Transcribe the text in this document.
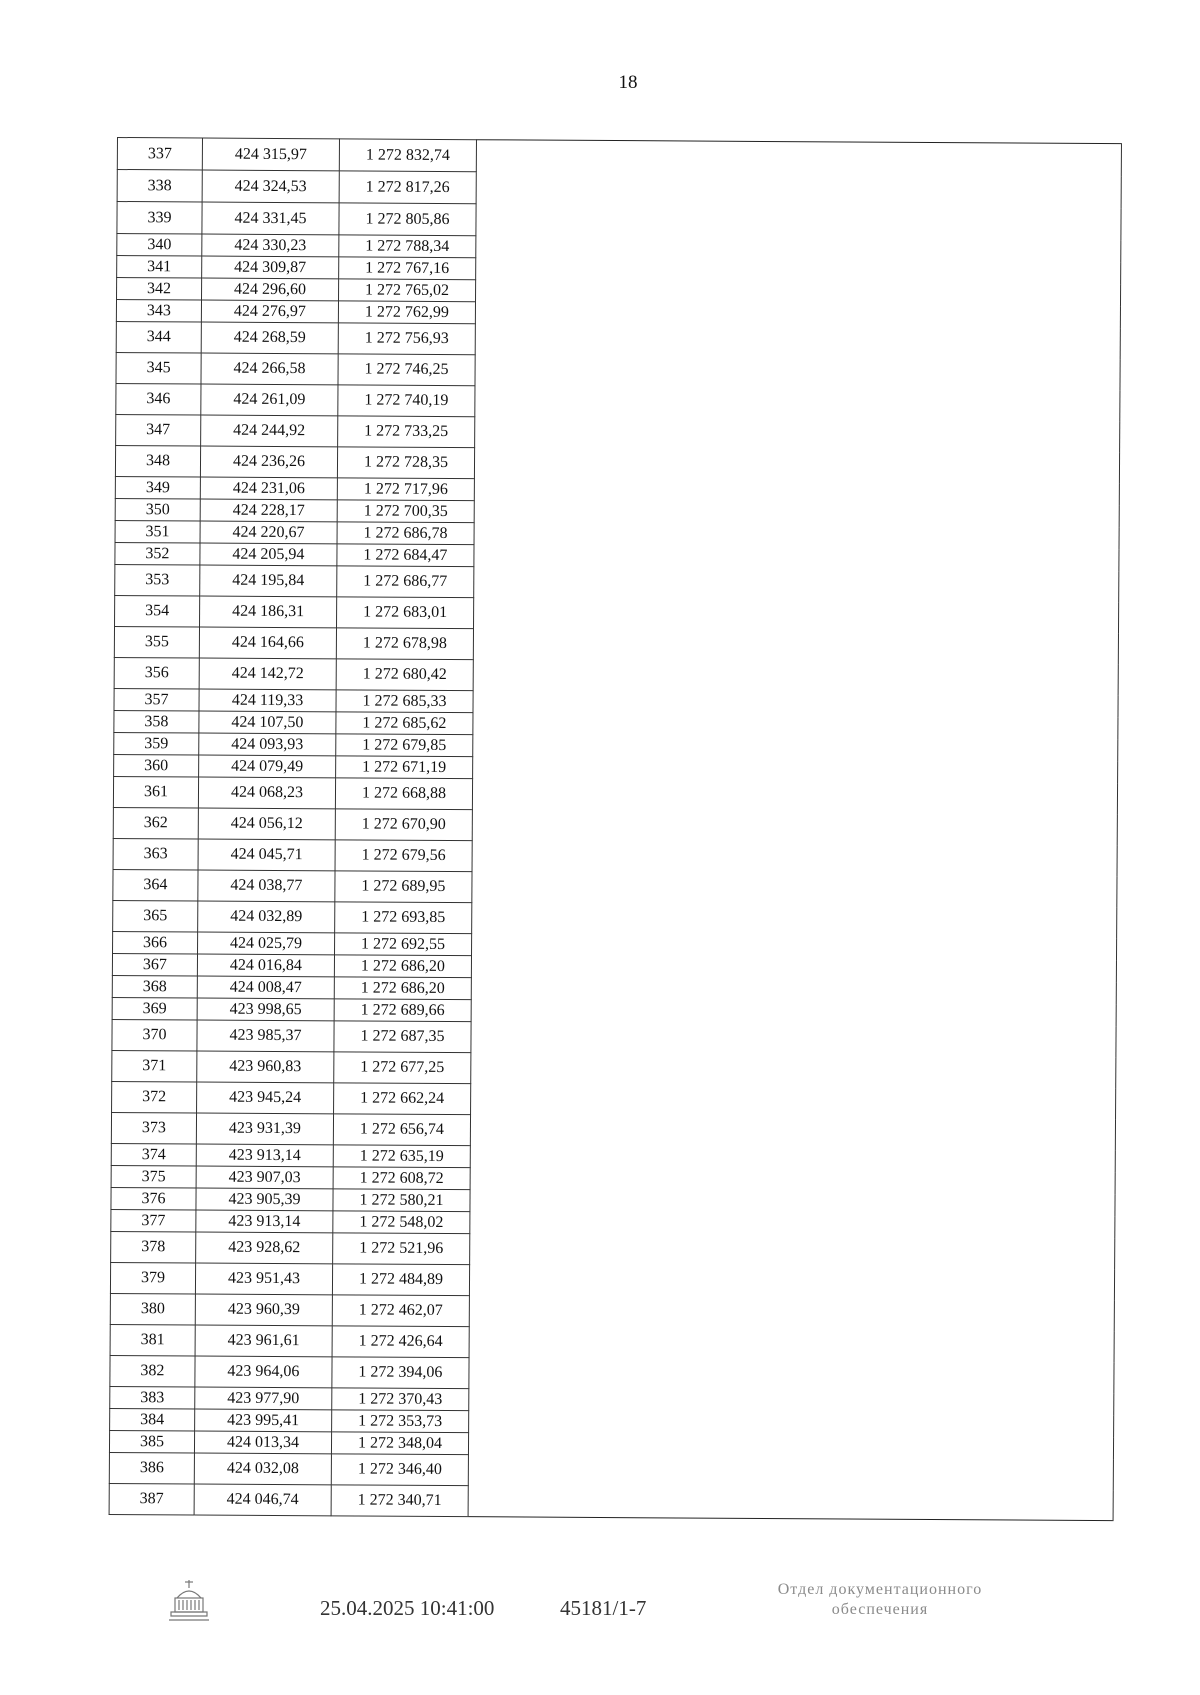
18
337	424 315,97	1 272 832,74	
338	424 324,53	1 272 817,26	
339	424 331,45	1 272 805,86	
340	424 330,23	1 272 788,34	
341	424 309,87	1 272 767,16	
342	424 296,60	1 272 765,02	
343	424 276,97	1 272 762,99	
344	424 268,59	1 272 756,93	
345	424 266,58	1 272 746,25	
346	424 261,09	1 272 740,19	
347	424 244,92	1 272 733,25	
348	424 236,26	1 272 728,35	
349	424 231,06	1 272 717,96	
350	424 228,17	1 272 700,35	
351	424 220,67	1 272 686,78	
352	424 205,94	1 272 684,47	
353	424 195,84	1 272 686,77	
354	424 186,31	1 272 683,01	
355	424 164,66	1 272 678,98	
356	424 142,72	1 272 680,42	
357	424 119,33	1 272 685,33	
358	424 107,50	1 272 685,62	
359	424 093,93	1 272 679,85	
360	424 079,49	1 272 671,19	
361	424 068,23	1 272 668,88	
362	424 056,12	1 272 670,90	
363	424 045,71	1 272 679,56	
364	424 038,77	1 272 689,95	
365	424 032,89	1 272 693,85	
366	424 025,79	1 272 692,55	
367	424 016,84	1 272 686,20	
368	424 008,47	1 272 686,20	
369	423 998,65	1 272 689,66	
370	423 985,37	1 272 687,35	
371	423 960,83	1 272 677,25	
372	423 945,24	1 272 662,24	
373	423 931,39	1 272 656,74	
374	423 913,14	1 272 635,19	
375	423 907,03	1 272 608,72	
376	423 905,39	1 272 580,21	
377	423 913,14	1 272 548,02	
378	423 928,62	1 272 521,96	
379	423 951,43	1 272 484,89	
380	423 960,39	1 272 462,07	
381	423 961,61	1 272 426,64	
382	423 964,06	1 272 394,06	
383	423 977,90	1 272 370,43	
384	423 995,41	1 272 353,73	
385	424 013,34	1 272 348,04	
386	424 032,08	1 272 346,40	
387	424 046,74	1 272 340,71	
25.04.2025 10:41:00	45181/1-7
Отдел документационного
обеспечения
